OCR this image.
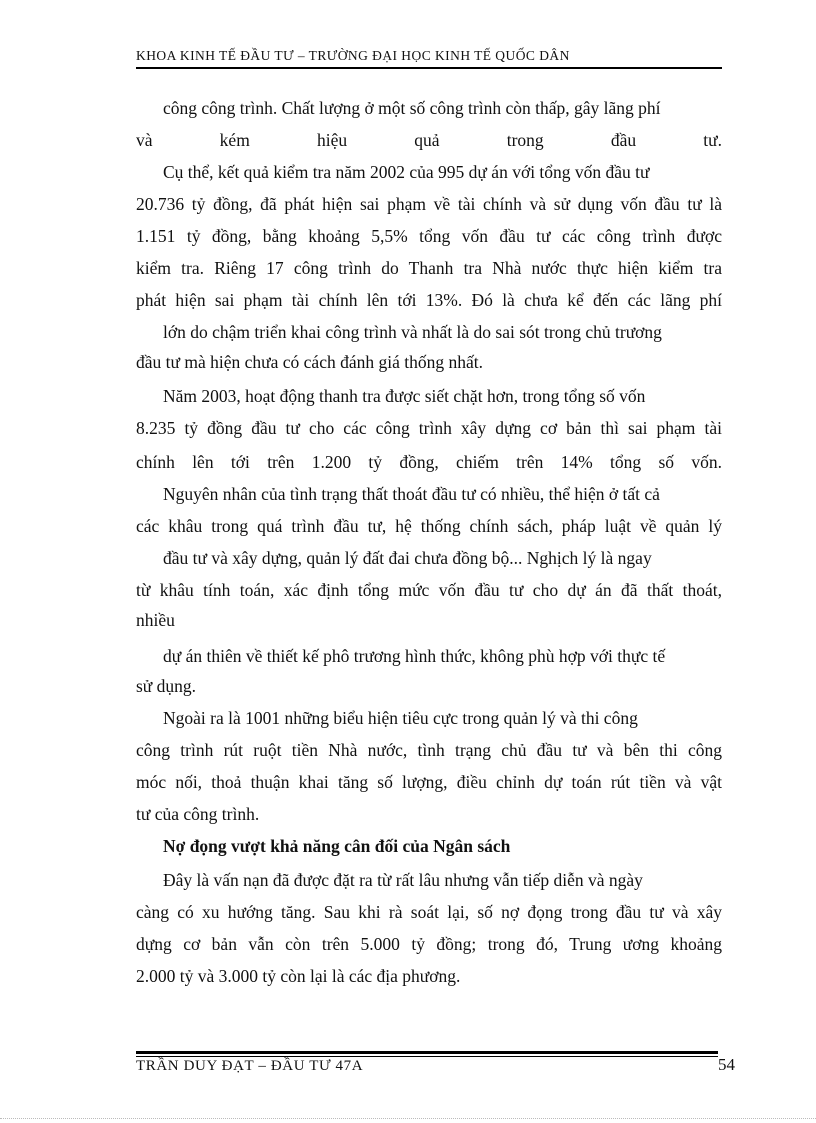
KHOA KINH TẾ ĐẦU TƯ – TRƯỜNG ĐẠI HỌC KINH TẾ QUỐC DÂN
công công trình. Chất lượng ở một số công trình còn thấp, gây lãng phí
và kém hiệu quả trong đầu tư.
Cụ thể, kết quả kiểm tra năm 2002 của 995 dự án với tổng vốn đầu tư
20.736 tỷ đồng, đã phát hiện sai phạm về tài chính và sử dụng vốn đầu tư là
1.151 tỷ đồng, bằng khoảng 5,5% tổng vốn đầu tư các công trình được
kiểm tra. Riêng 17 công trình do Thanh tra Nhà nước thực hiện kiểm tra
phát hiện sai phạm tài chính lên tới 13%. Đó là chưa kể đến các lãng phí
lớn do chậm triển khai công trình và nhất là do sai sót trong chủ trương
đầu tư mà hiện chưa có cách đánh giá thống nhất.
Năm 2003, hoạt động thanh tra được siết chặt hơn, trong tổng số vốn
8.235 tỷ đồng đầu tư cho các công trình xây dựng cơ bản thì sai phạm tài
chính lên tới trên 1.200 tỷ đồng, chiếm trên 14% tổng số vốn.
Nguyên nhân của tình trạng thất thoát đầu tư có nhiều, thể hiện ở tất cả
các khâu trong quá trình đầu tư, hệ thống chính sách, pháp luật về quản lý
đầu tư và xây dựng, quản lý đất đai chưa đồng bộ... Nghịch lý là ngay
từ khâu tính toán, xác định tổng mức vốn đầu tư cho dự án đã thất thoát,
nhiều
dự án thiên về thiết kế phô trương hình thức, không phù hợp với thực tế
sử dụng.
Ngoài ra là 1001 những biểu hiện tiêu cực trong quản lý và thi công
công trình rút ruột tiền Nhà nước, tình trạng chủ đầu tư và bên thi công
móc nối, thoả thuận khai tăng số lượng, điều chỉnh dự toán rút tiền và vật
tư của công trình.
Nợ đọng vượt khả năng cân đối của Ngân sách
Đây là vấn nạn đã được đặt ra từ rất lâu nhưng vẫn tiếp diễn và ngày
càng có xu hướng tăng. Sau khi rà soát lại, số nợ đọng trong đầu tư và xây
dựng cơ bản vẫn còn trên 5.000 tỷ đồng; trong đó, Trung ương khoảng
2.000 tỷ và 3.000 tỷ còn lại là các địa phương.
TRẦN DUY ĐẠT – ĐẦU TƯ 47A	54
